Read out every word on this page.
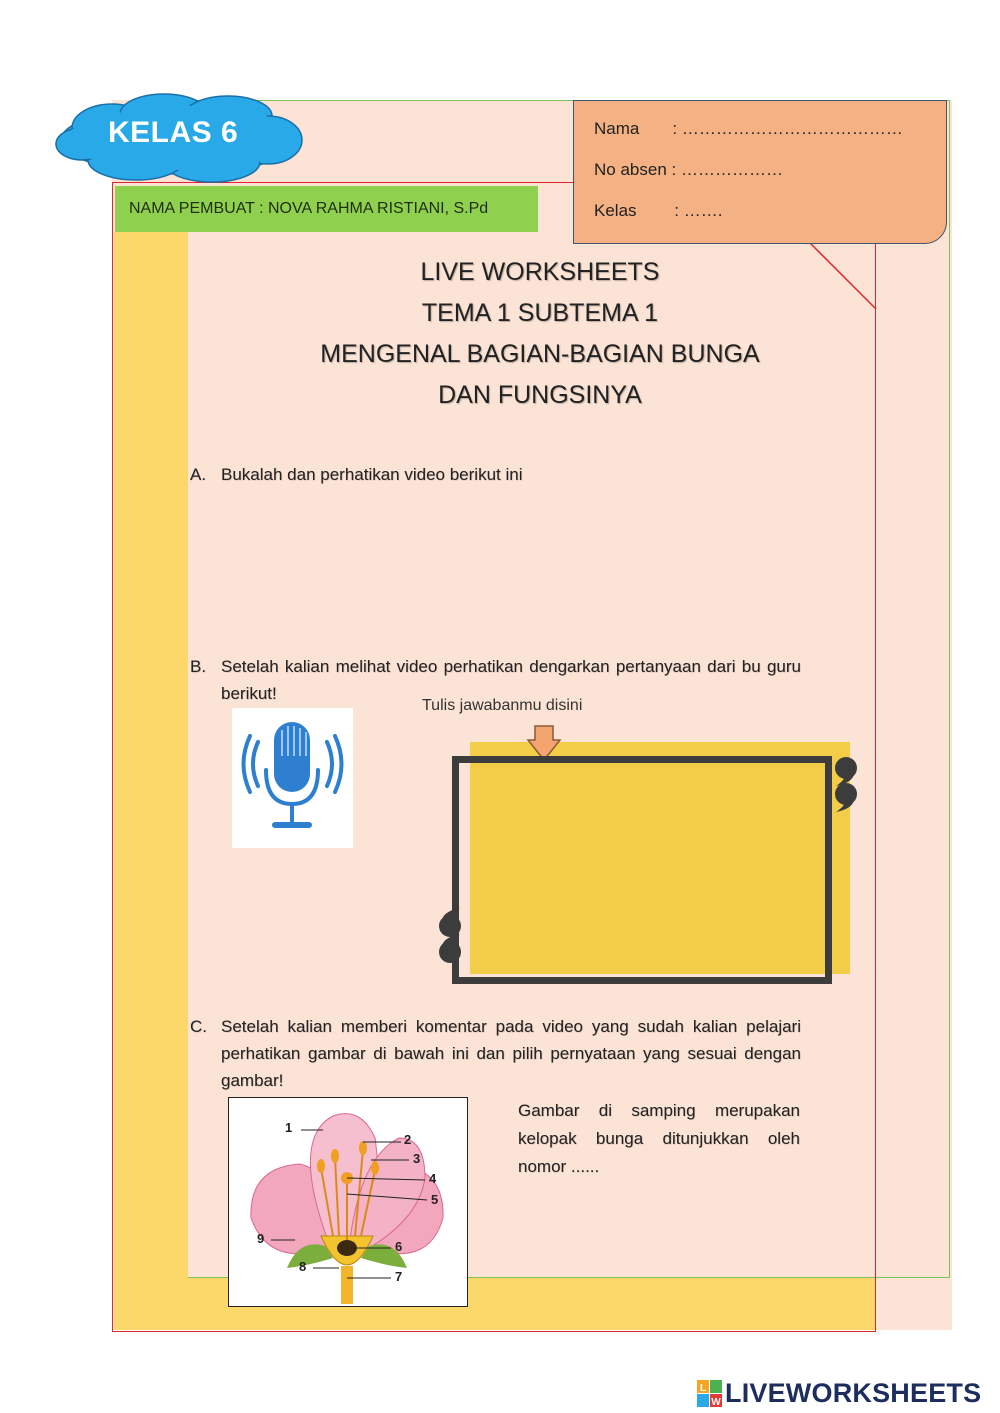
NAMA PEMBUAT : NOVA RAHMA RISTIANI, S.Pd
KELAS 6	Nama       : …………………………………
No absen : ………………
Kelas        : …….
LIVE WORKSHEETS
TEMA 1 SUBTEMA 1
MENGENAL BAGIAN-BAGIAN BUNGA
DAN FUNGSINYA
A. Bukalah dan perhatikan video berikut ini
B. Setelah kalian melihat video perhatikan dengarkan pertanyaan dari bu guru berikut!
Tulis jawabanmu disini
C. Setelah kalian memberi komentar pada video yang sudah kalian pelajari perhatikan gambar di bawah ini dan pilih pernyataan yang sesuai dengan gambar!
1
2
3
4
5
6
7
8
9
Gambar di samping merupakan kelopak bunga ditunjukkan oleh nomor ......
L
W LIVEWORKSHEETS
